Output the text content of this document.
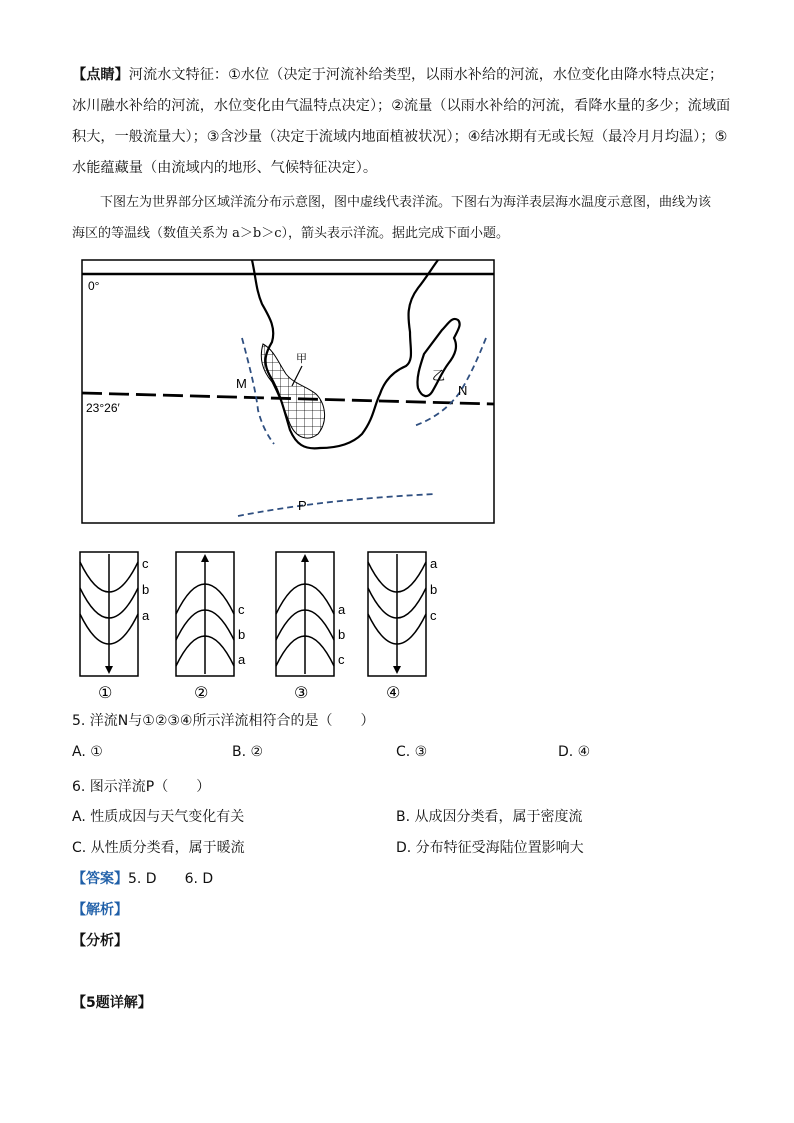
【点睛】河流水文特征：①水位（决定于河流补给类型，以雨水补给的河流，水位变化由降水特点决定；冰川融水补给的河流，水位变化由气温特点决定）；②流量（以雨水补给的河流，看降水量的多少；流域面积大，一般流量大）；③含沙量（决定于流域内地面植被状况）；④结冰期有无或长短（最冷月月均温）；⑤水能蕴藏量（由流域内的地形、气候特征决定）。

下图左为世界部分区域洋流分布示意图，图中虚线代表洋流。下图右为海洋表层海水温度示意图，曲线为该海区的等温线（数值关系为 a＞b＞c），箭头表示洋流。据此完成下面小题。

0°
23°26′
甲
乙
M	N
P
c
b
a
①
c
b
a
②
a
b
c
③
a
b
c
④

5. 洋流N与①②③④所示洋流相符合的是（　　）

A. ①	B. ②	C. ③	D. ④

6. 图示洋流P（　　）

A. 性质成因与天气变化有关	B. 从成因分类看，属于密度流
C. 从性质分类看，属于暖流	D. 分布特征受海陆位置影响大

【答案】5. D　　6. D

【解析】

【分析】

【5题详解】
